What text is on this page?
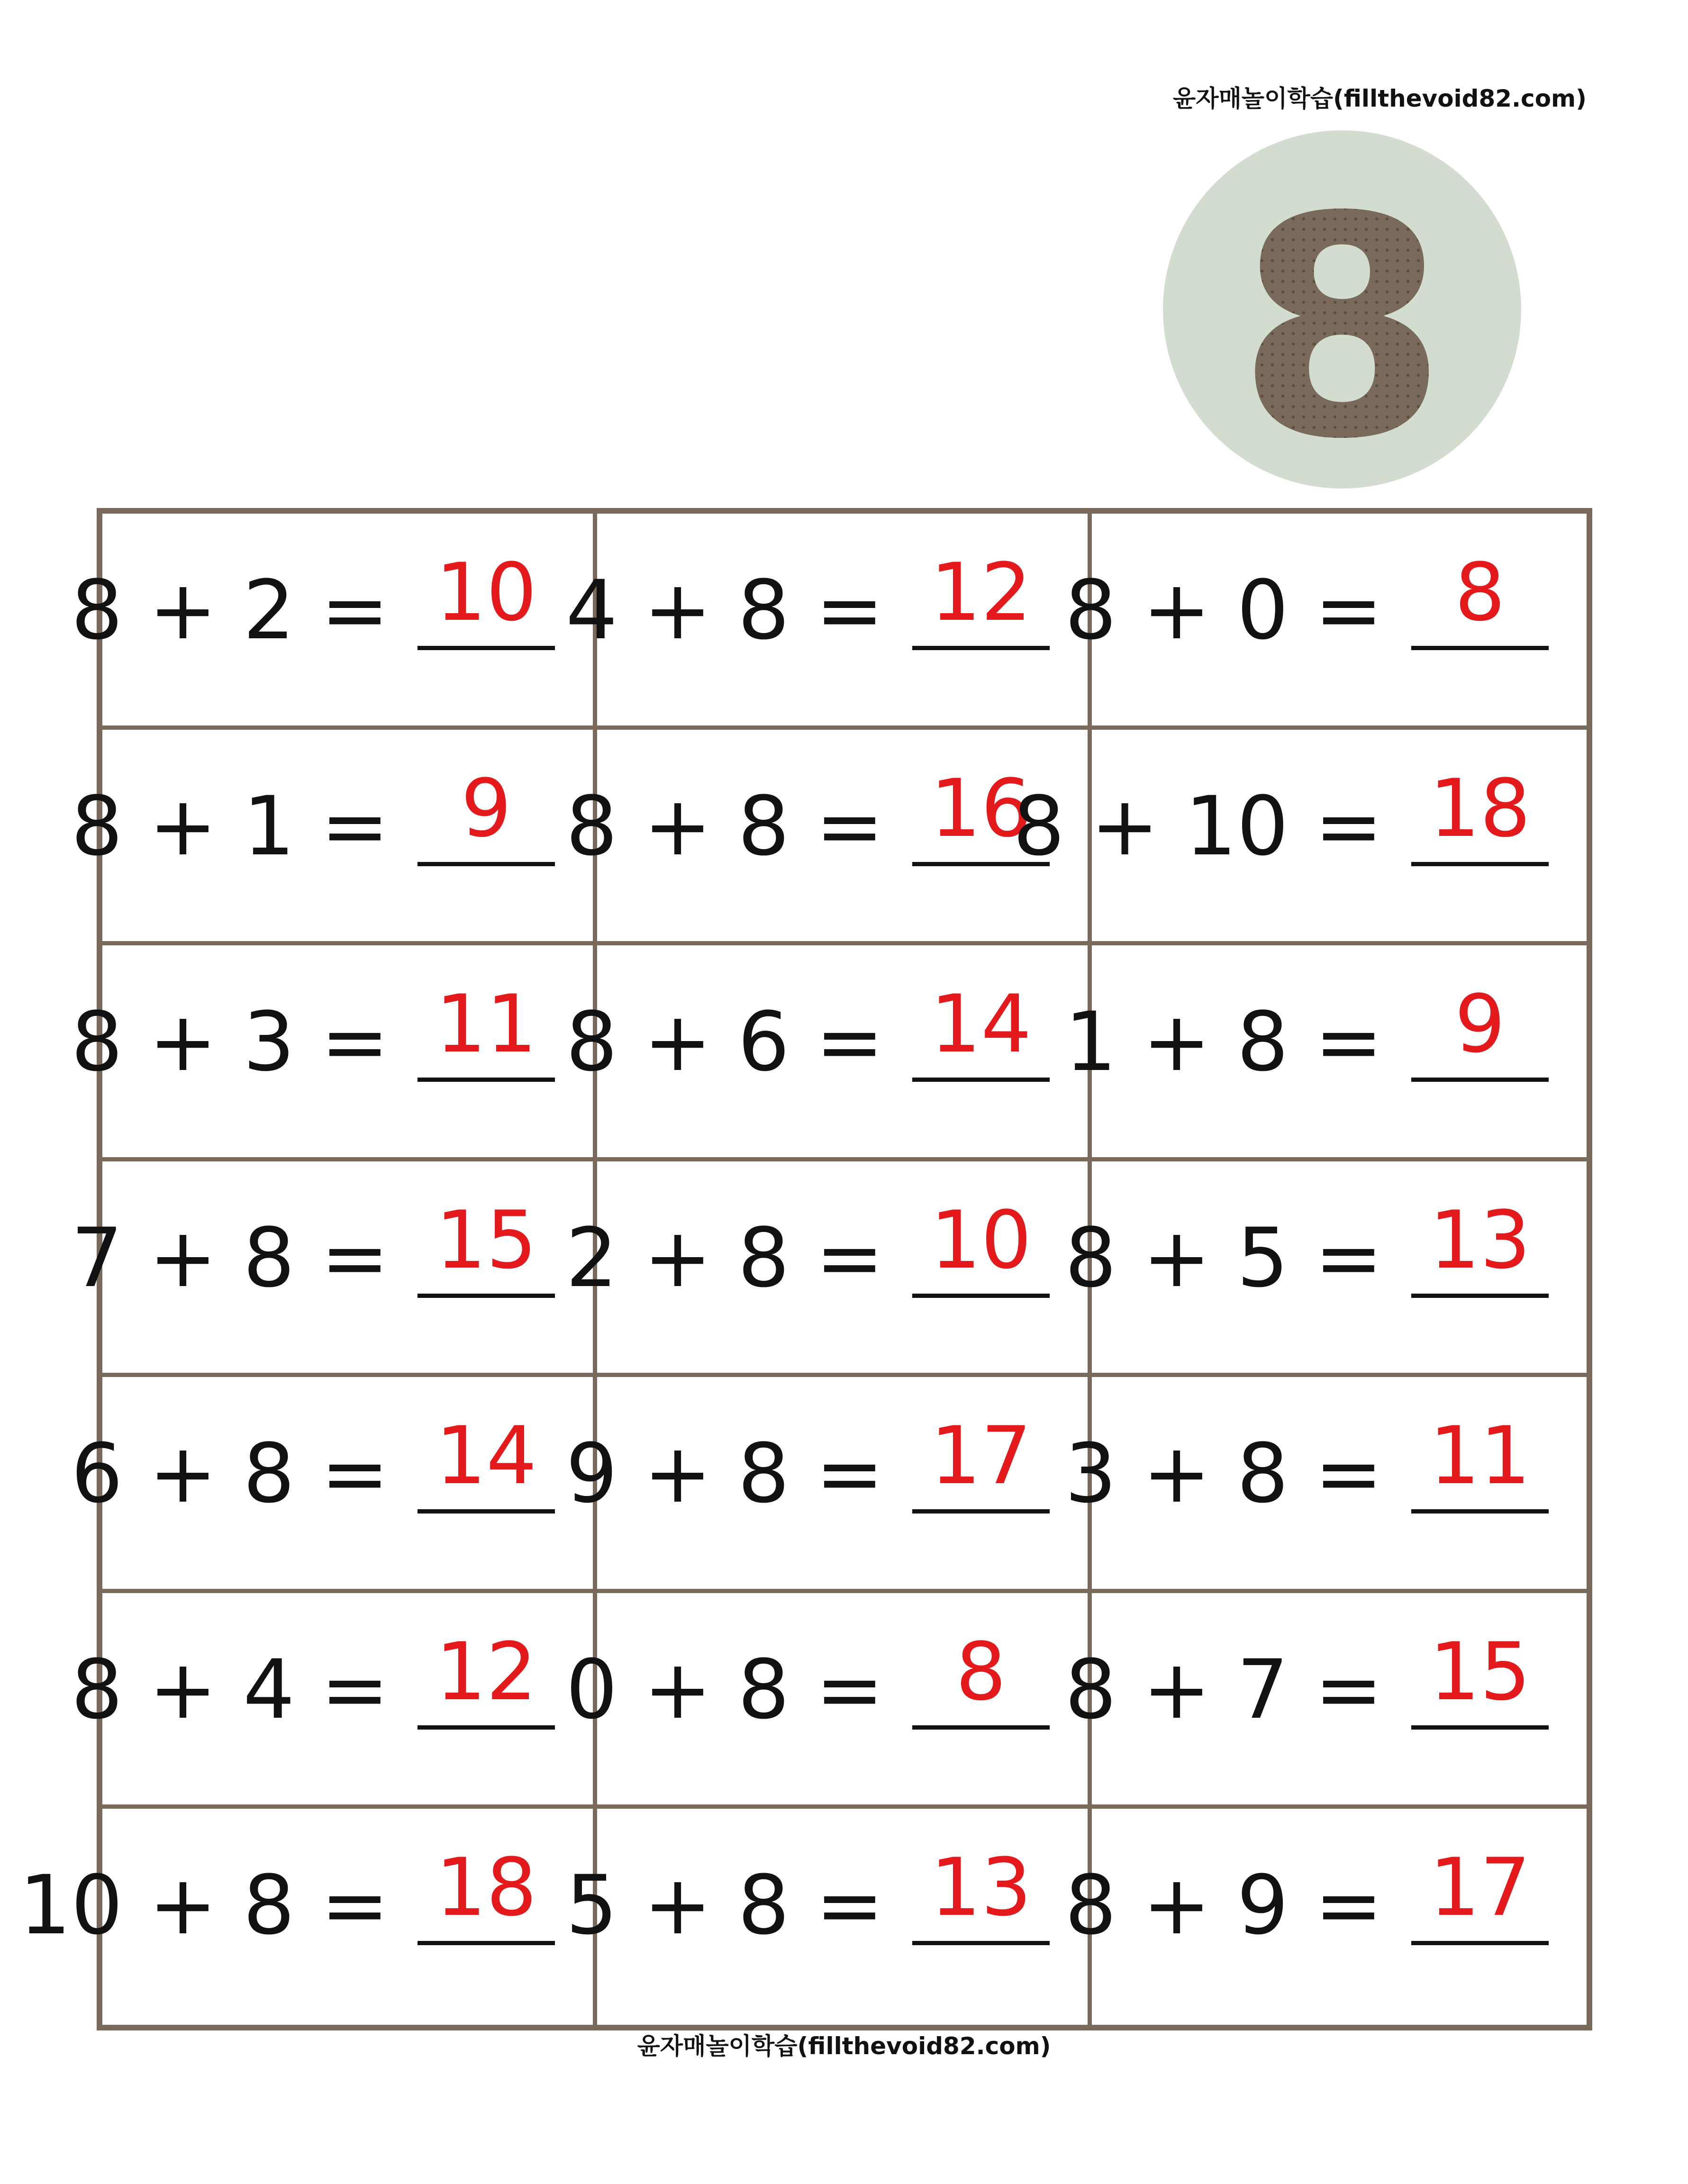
윤자매놀이학습(fillthevoid82.com)
8
8 + 2 = 10 4 + 8 = 12 8 + 0 = 8
8 + 1 = 9 8 + 8 = 16
8 + 10 = 18
8 + 3 = 11 8 + 6 = 14 1 + 8 = 9
7 + 8 = 15 2 + 8 = 10 8 + 5 = 13
6 + 8 = 14 9 + 8 = 17 3 + 8 = 11
8 + 4 = 12 0 + 8 = 8 8 + 7 = 15
10 + 8 = 18 5 + 8 = 13 8 + 9 = 17
윤자매놀이학습(fillthevoid82.com)
